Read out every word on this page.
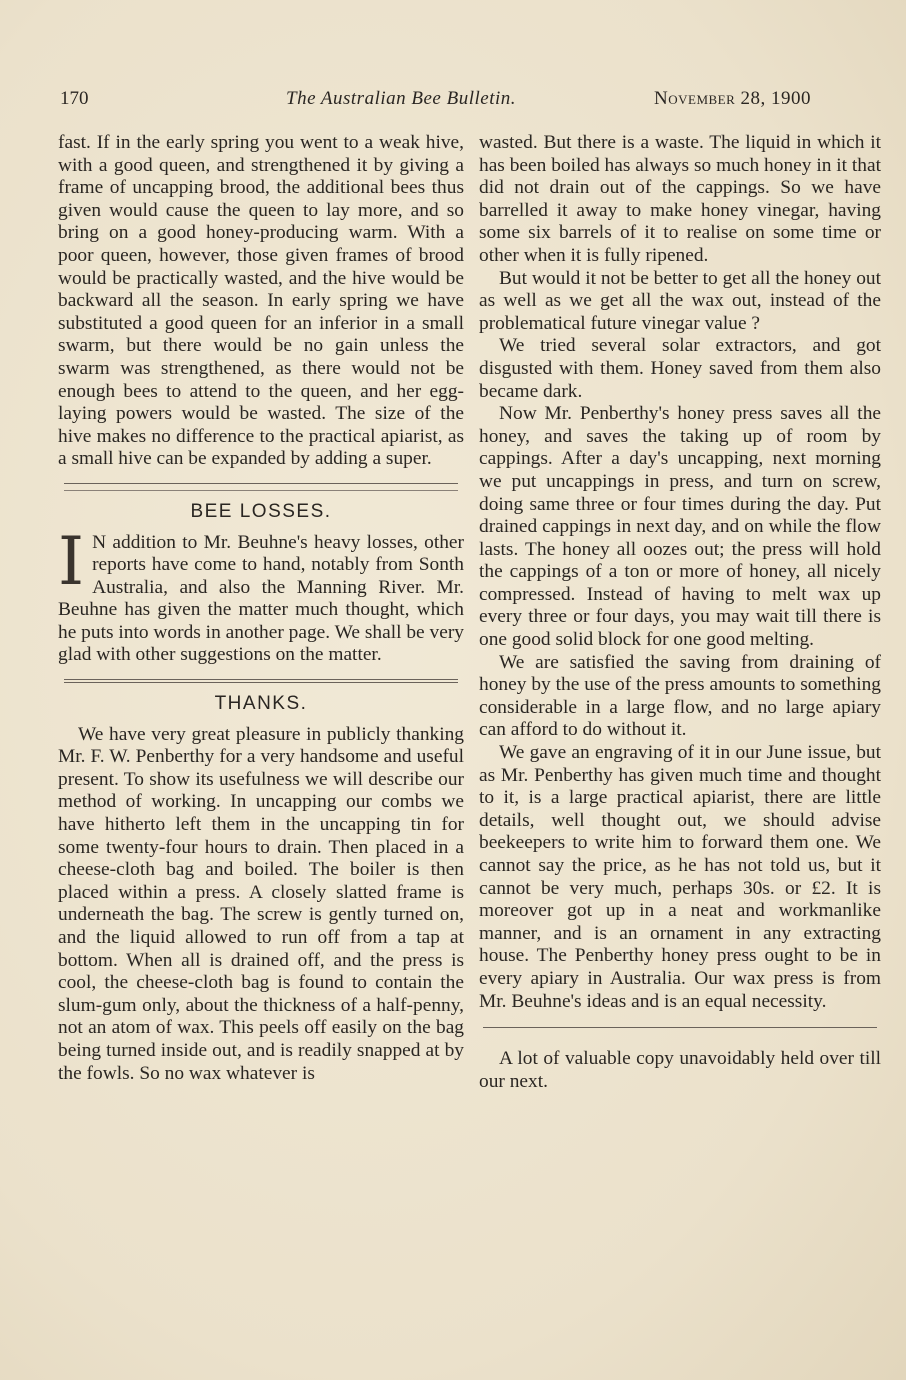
170	The Australian Bee Bulletin.	November 28, 1900

fast. If in the early spring you went to a weak hive, with a good queen, and strengthened it by giving a frame of uncapping brood, the additional bees thus given would cause the queen to lay more, and so bring on a good honey-producing warm. With a poor queen, however, those given frames of brood would be practically wasted, and the hive would be backward all the season. In early spring we have substituted a good queen for an inferior in a small swarm, but there would be no gain unless the swarm was strengthened, as there would not be enough bees to attend to the queen, and her egg-laying powers would be wasted. The size of the hive makes no difference to the practical apiarist, as a small hive can be expanded by adding a super.

BEE LOSSES.

I N addition to Mr. Beuhne's heavy losses, other reports have come to hand, notably from Sonth Australia, and also the Manning River. Mr. Beuhne has given the matter much thought, which he puts into words in another page. We shall be very glad with other suggestions on the matter.

THANKS.

We have very great pleasure in publicly thanking Mr. F. W. Penberthy for a very handsome and useful present. To show its usefulness we will describe our method of working. In uncapping our combs we have hitherto left them in the uncapping tin for some twenty-four hours to drain. Then placed in a cheese-cloth bag and boiled. The boiler is then placed within a press. A closely slatted frame is underneath the bag. The screw is gently turned on, and the liquid allowed to run off from a tap at bottom. When all is drained off, and the press is cool, the cheese-cloth bag is found to contain the slum-gum only, about the thickness of a half-penny, not an atom of wax. This peels off easily on the bag being turned inside out, and is readily snapped at by the fowls. So no wax whatever is

wasted. But there is a waste. The liquid in which it has been boiled has always so much honey in it that did not drain out of the cappings. So we have barrelled it away to make honey vinegar, having some six barrels of it to realise on some time or other when it is fully ripened.

But would it not be better to get all the honey out as well as we get all the wax out, instead of the problematical future vinegar value ?

We tried several solar extractors, and got disgusted with them. Honey saved from them also became dark.

Now Mr. Penberthy's honey press saves all the honey, and saves the taking up of room by cappings. After a day's uncapping, next morning we put uncappings in press, and turn on screw, doing same three or four times during the day. Put drained cappings in next day, and on while the flow lasts. The honey all oozes out; the press will hold the cappings of a ton or more of honey, all nicely compressed. Instead of having to melt wax up every three or four days, you may wait till there is one good solid block for one good melting.

We are satisfied the saving from draining of honey by the use of the press amounts to something considerable in a large flow, and no large apiary can afford to do without it.

We gave an engraving of it in our June issue, but as Mr. Penberthy has given much time and thought to it, is a large practical apiarist, there are little details, well thought out, we should advise beekeepers to write him to forward them one. We cannot say the price, as he has not told us, but it cannot be very much, perhaps 30s. or £2. It is moreover got up in a neat and workmanlike manner, and is an ornament in any extracting house. The Penberthy honey press ought to be in every apiary in Australia. Our wax press is from Mr. Beuhne's ideas and is an equal necessity.

A lot of valuable copy unavoidably held over till our next.
